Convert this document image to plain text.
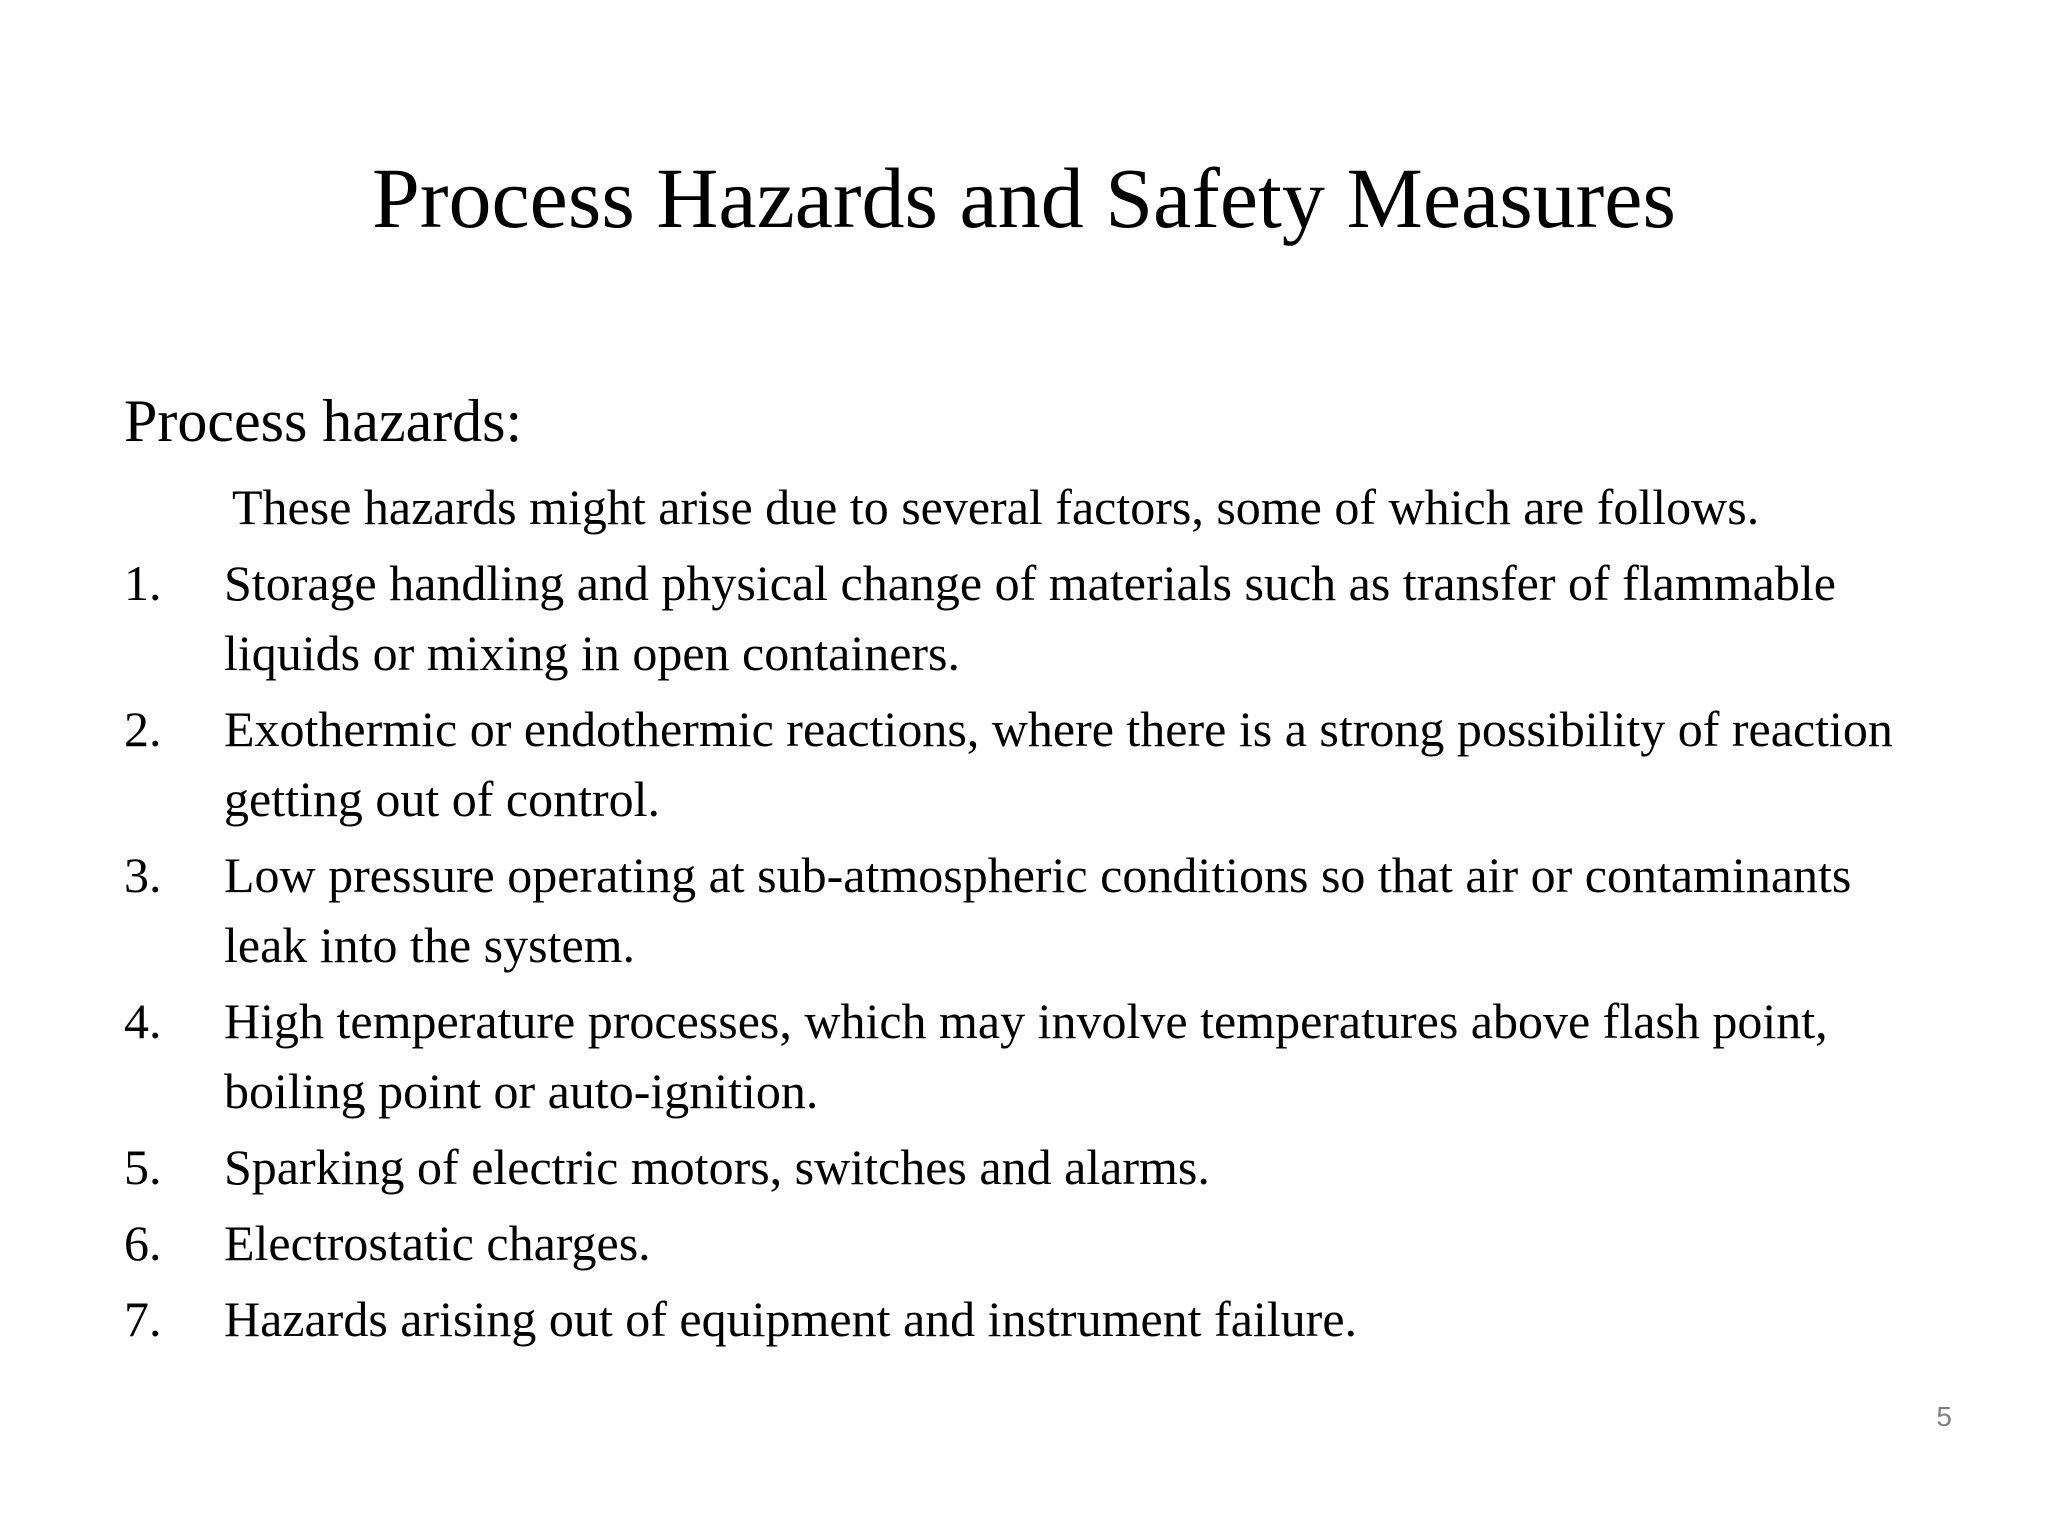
Process Hazards and Safety Measures
Process hazards:
These hazards might arise due to several factors, some of which are follows.
1.	Storage handling and physical change of materials such as transfer of flammable liquids or mixing in open containers.
2.	Exothermic or endothermic reactions, where there is a strong possibility of reaction getting out of control.
3.	Low pressure operating at sub-atmospheric conditions so that air or contaminants leak into the system.
4.	High temperature processes, which may involve temperatures above flash point, boiling point or auto-ignition.
5.	Sparking of electric motors, switches and alarms.
6.	Electrostatic charges.
7.	Hazards arising out of equipment and instrument failure.
5
